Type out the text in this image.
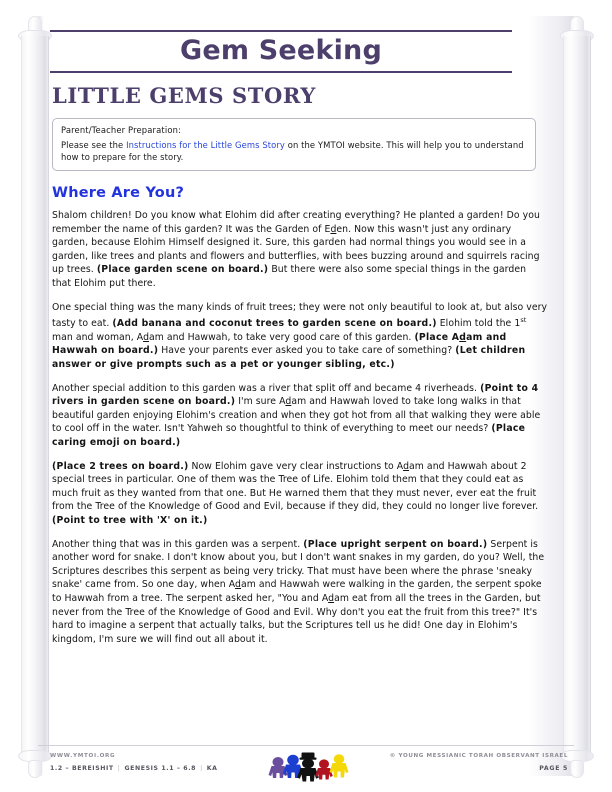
Gem Seeking
LITTLE GEMS STORY
Parent/Teacher Preparation:
Please see the Instructions for the Little Gems Story on the YMTOI website. This will help you to understand how to prepare for the story.
Where Are You?
Shalom children! Do you know what Elohim did after creating everything? He planted a garden! Do you remember the name of this garden? It was the Garden of Eden. Now this wasn't just any ordinary garden, because Elohim Himself designed it. Sure, this garden had normal things you would see in a garden, like trees and plants and flowers and butterflies, with bees buzzing around and squirrels racing up trees. (Place garden scene on board.) But there were also some special things in the garden that Elohim put there.
One special thing was the many kinds of fruit trees; they were not only beautiful to look at, but also very tasty to eat. (Add banana and coconut trees to garden scene on board.) Elohim told the 1st man and woman, Adam and Hawwah, to take very good care of this garden. (Place Adam and Hawwah on board.) Have your parents ever asked you to take care of something? (Let children answer or give prompts such as a pet or younger sibling, etc.)
Another special addition to this garden was a river that split off and became 4 riverheads. (Point to 4 rivers in garden scene on board.) I'm sure Adam and Hawwah loved to take long walks in that beautiful garden enjoying Elohim's creation and when they got hot from all that walking they were able to cool off in the water. Isn't Yahweh so thoughtful to think of everything to meet our needs? (Place caring emoji on board.)
(Place 2 trees on board.) Now Elohim gave very clear instructions to Adam and Hawwah about 2 special trees in particular. One of them was the Tree of Life. Elohim told them that they could eat as much fruit as they wanted from that one. But He warned them that they must never, ever eat the fruit from the Tree of the Knowledge of Good and Evil, because if they did, they could no longer live forever. (Point to tree with 'X' on it.)
Another thing that was in this garden was a serpent. (Place upright serpent on board.) Serpent is another word for snake. I don't know about you, but I don't want snakes in my garden, do you? Well, the Scriptures describes this serpent as being very tricky. That must have been where the phrase 'sneaky snake' came from. So one day, when Adam and Hawwah were walking in the garden, the serpent spoke to Hawwah from a tree. The serpent asked her, "You and Adam eat from all the trees in the Garden, but never from the Tree of the Knowledge of Good and Evil. Why don't you eat the fruit from this tree?" It's hard to imagine a serpent that actually talks, but the Scriptures tell us he did! One day in Elohim's kingdom, I'm sure we will find out all about it.
WWW.YMTOI.ORG
1.2 – BEREISHIT | GENESIS 1.1 – 6.8 | KA
© YOUNG MESSIANIC TORAH OBSERVANT ISRAEL
PAGE 5
